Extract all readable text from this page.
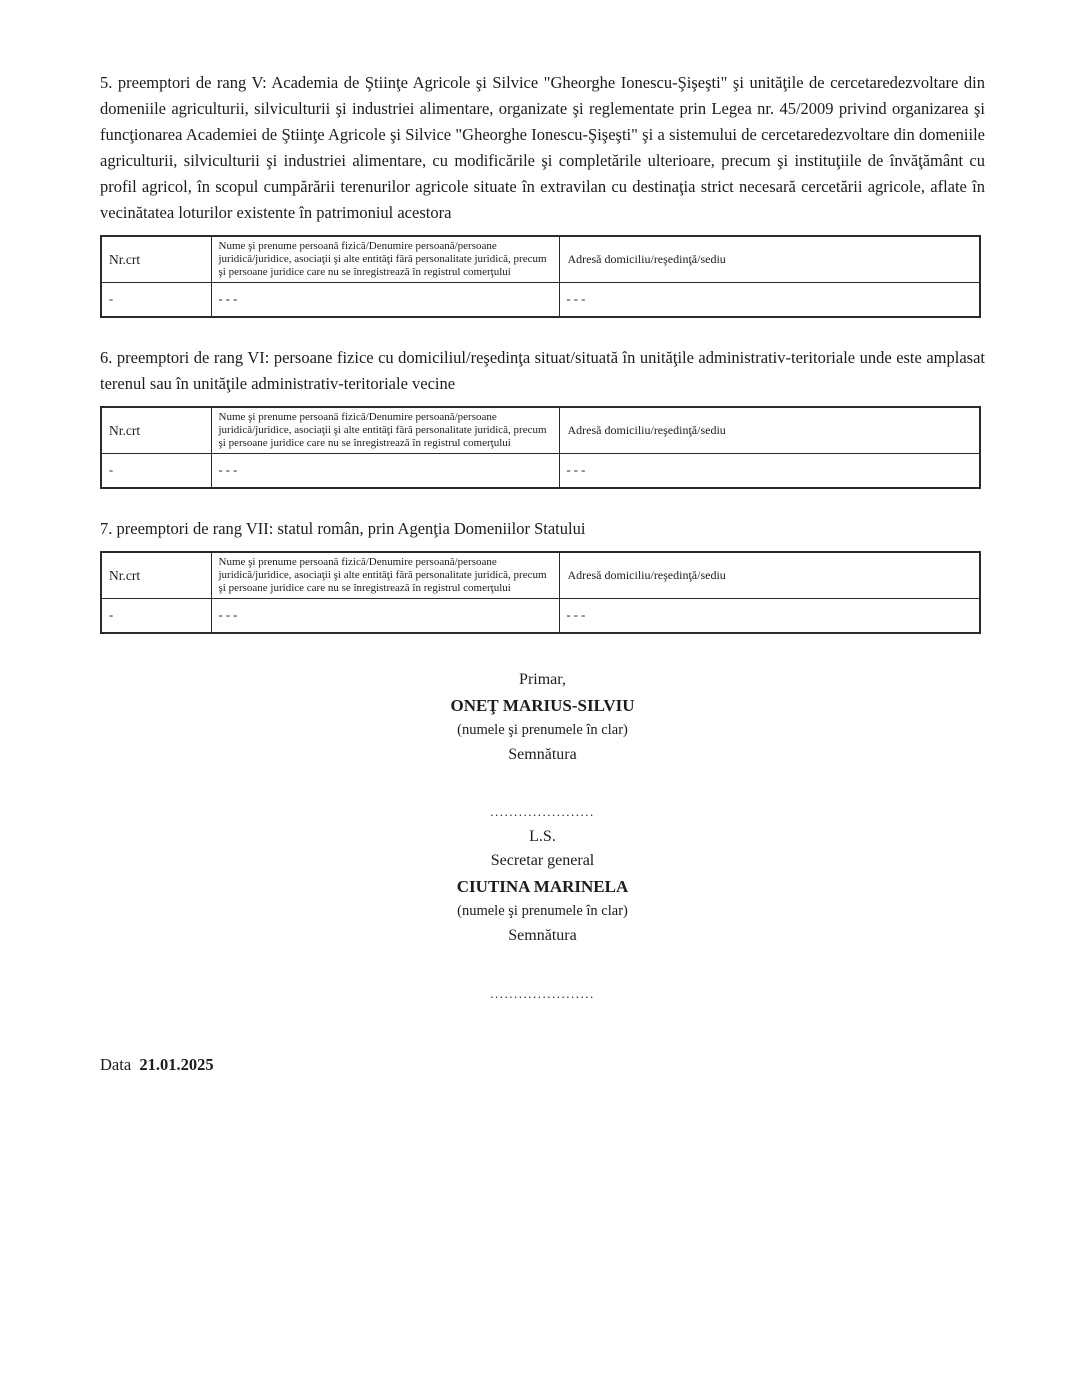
5. preemptori de rang V: Academia de Ştiinţe Agricole şi Silvice "Gheorghe Ionescu-Şişeşti" şi unităţile de cercetaredezvoltare din domeniile agriculturii, silviculturii şi industriei alimentare, organizate şi reglementate prin Legea nr. 45/2009 privind organizarea şi funcţionarea Academiei de Ştiinţe Agricole şi Silvice "Gheorghe Ionescu-Şişeşti" şi a sistemului de cercetaredezvoltare din domeniile agriculturii, silviculturii şi industriei alimentare, cu modificările şi completările ulterioare, precum şi instituţiile de învăţământ cu profil agricol, în scopul cumpărării terenurilor agricole situate în extravilan cu destinaţia strict necesară cercetării agricole, aflate în vecinătatea loturilor existente în patrimoniul acestora

Nr.crt	Nume şi prenume persoană fizică/Denumire persoană/persoane juridică/juridice, asociaţii şi alte entităţi fără personalitate juridică, precum şi persoane juridice care nu se înregistrează în registrul comerţului	Adresă domiciliu/reşedinţă/sediu
-	- - -	- - -

6. preemptori de rang VI: persoane fizice cu domiciliul/reşedinţa situat/situată în unităţile administrativ-teritoriale unde este amplasat terenul sau în unităţile administrativ-teritoriale vecine

Nr.crt	Nume şi prenume persoană fizică/Denumire persoană/persoane juridică/juridice, asociaţii şi alte entităţi fără personalitate juridică, precum şi persoane juridice care nu se înregistrează în registrul comerţului	Adresă domiciliu/reşedinţă/sediu
-	- - -	- - -

7. preemptori de rang VII: statul român, prin Agenţia Domeniilor Statului

Nr.crt	Nume şi prenume persoană fizică/Denumire persoană/persoane juridică/juridice, asociaţii şi alte entităţi fără personalitate juridică, precum şi persoane juridice care nu se înregistrează în registrul comerţului	Adresă domiciliu/reşedinţă/sediu
-	- - -	- - -

Primar,

ONEŢ MARIUS-SILVIU

(numele şi prenumele în clar)

Semnătura

......................

L.S.

Secretar general

CIUTINA MARINELA

(numele şi prenumele în clar)

Semnătura

......................

Data 21.01.2025
